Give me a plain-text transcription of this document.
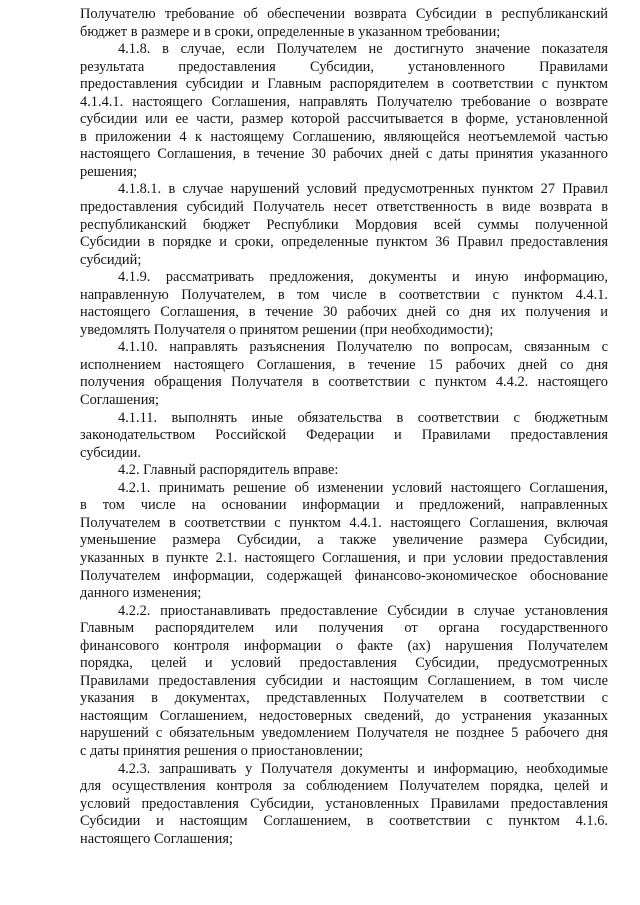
Получателю требование об обеспечении возврата Субсидии в республиканский
бюджет в размере и в сроки, определенные в указанном требовании;
4.1.8. в случае, если Получателем не достигнуто значение показателя
результата предоставления Субсидии, установленного Правилами
предоставления субсидии и Главным распорядителем в соответствии с пунктом
4.1.4.1. настоящего Соглашения, направлять Получателю требование о возврате
субсидии или ее части, размер которой рассчитывается в форме, установленной
в приложении 4 к настоящему Соглашению, являющейся неотъемлемой частью
настоящего Соглашения, в течение 30 рабочих дней с даты принятия указанного
решения;
4.1.8.1. в случае нарушений условий предусмотренных пунктом 27 Правил
предоставления субсидий Получатель несет ответственность в виде возврата в
республиканский бюджет Республики Мордовия всей суммы полученной
Субсидии в порядке и сроки, определенные пунктом 36 Правил предоставления
субсидий;
4.1.9. рассматривать предложения, документы и иную информацию,
направленную Получателем, в том числе в соответствии с пунктом 4.4.1.
настоящего Соглашения, в течение 30 рабочих дней со дня их получения и
уведомлять Получателя о принятом решении (при необходимости);
4.1.10. направлять разъяснения Получателю по вопросам, связанным с
исполнением настоящего Соглашения, в течение 15 рабочих дней со дня
получения обращения Получателя в соответствии с пунктом 4.4.2. настоящего
Соглашения;
4.1.11. выполнять иные обязательства в соответствии с бюджетным
законодательством Российской Федерации и Правилами предоставления
субсидии.
4.2. Главный распорядитель вправе:
4.2.1. принимать решение об изменении условий настоящего Соглашения,
в том числе на основании информации и предложений, направленных
Получателем в соответствии с пунктом 4.4.1. настоящего Соглашения, включая
уменьшение размера Субсидии, а также увеличение размера Субсидии,
указанных в пункте 2.1. настоящего Соглашения, и при условии предоставления
Получателем информации, содержащей финансово-экономическое обоснование
данного изменения;
4.2.2. приостанавливать предоставление Субсидии в случае установления
Главным распорядителем или получения от органа государственного
финансового контроля информации о факте (ах) нарушения Получателем
порядка, целей и условий предоставления Субсидии, предусмотренных
Правилами предоставления субсидии и настоящим Соглашением, в том числе
указания в документах, представленных Получателем в соответствии с
настоящим Соглашением, недостоверных сведений, до устранения указанных
нарушений с обязательным уведомлением Получателя не позднее 5 рабочего дня
с даты принятия решения о приостановлении;
4.2.3. запрашивать у Получателя документы и информацию, необходимые
для осуществления контроля за соблюдением Получателем порядка, целей и
условий предоставления Субсидии, установленных Правилами предоставления
Субсидии и настоящим Соглашением, в соответствии с пунктом 4.1.6.
настоящего Соглашения;
